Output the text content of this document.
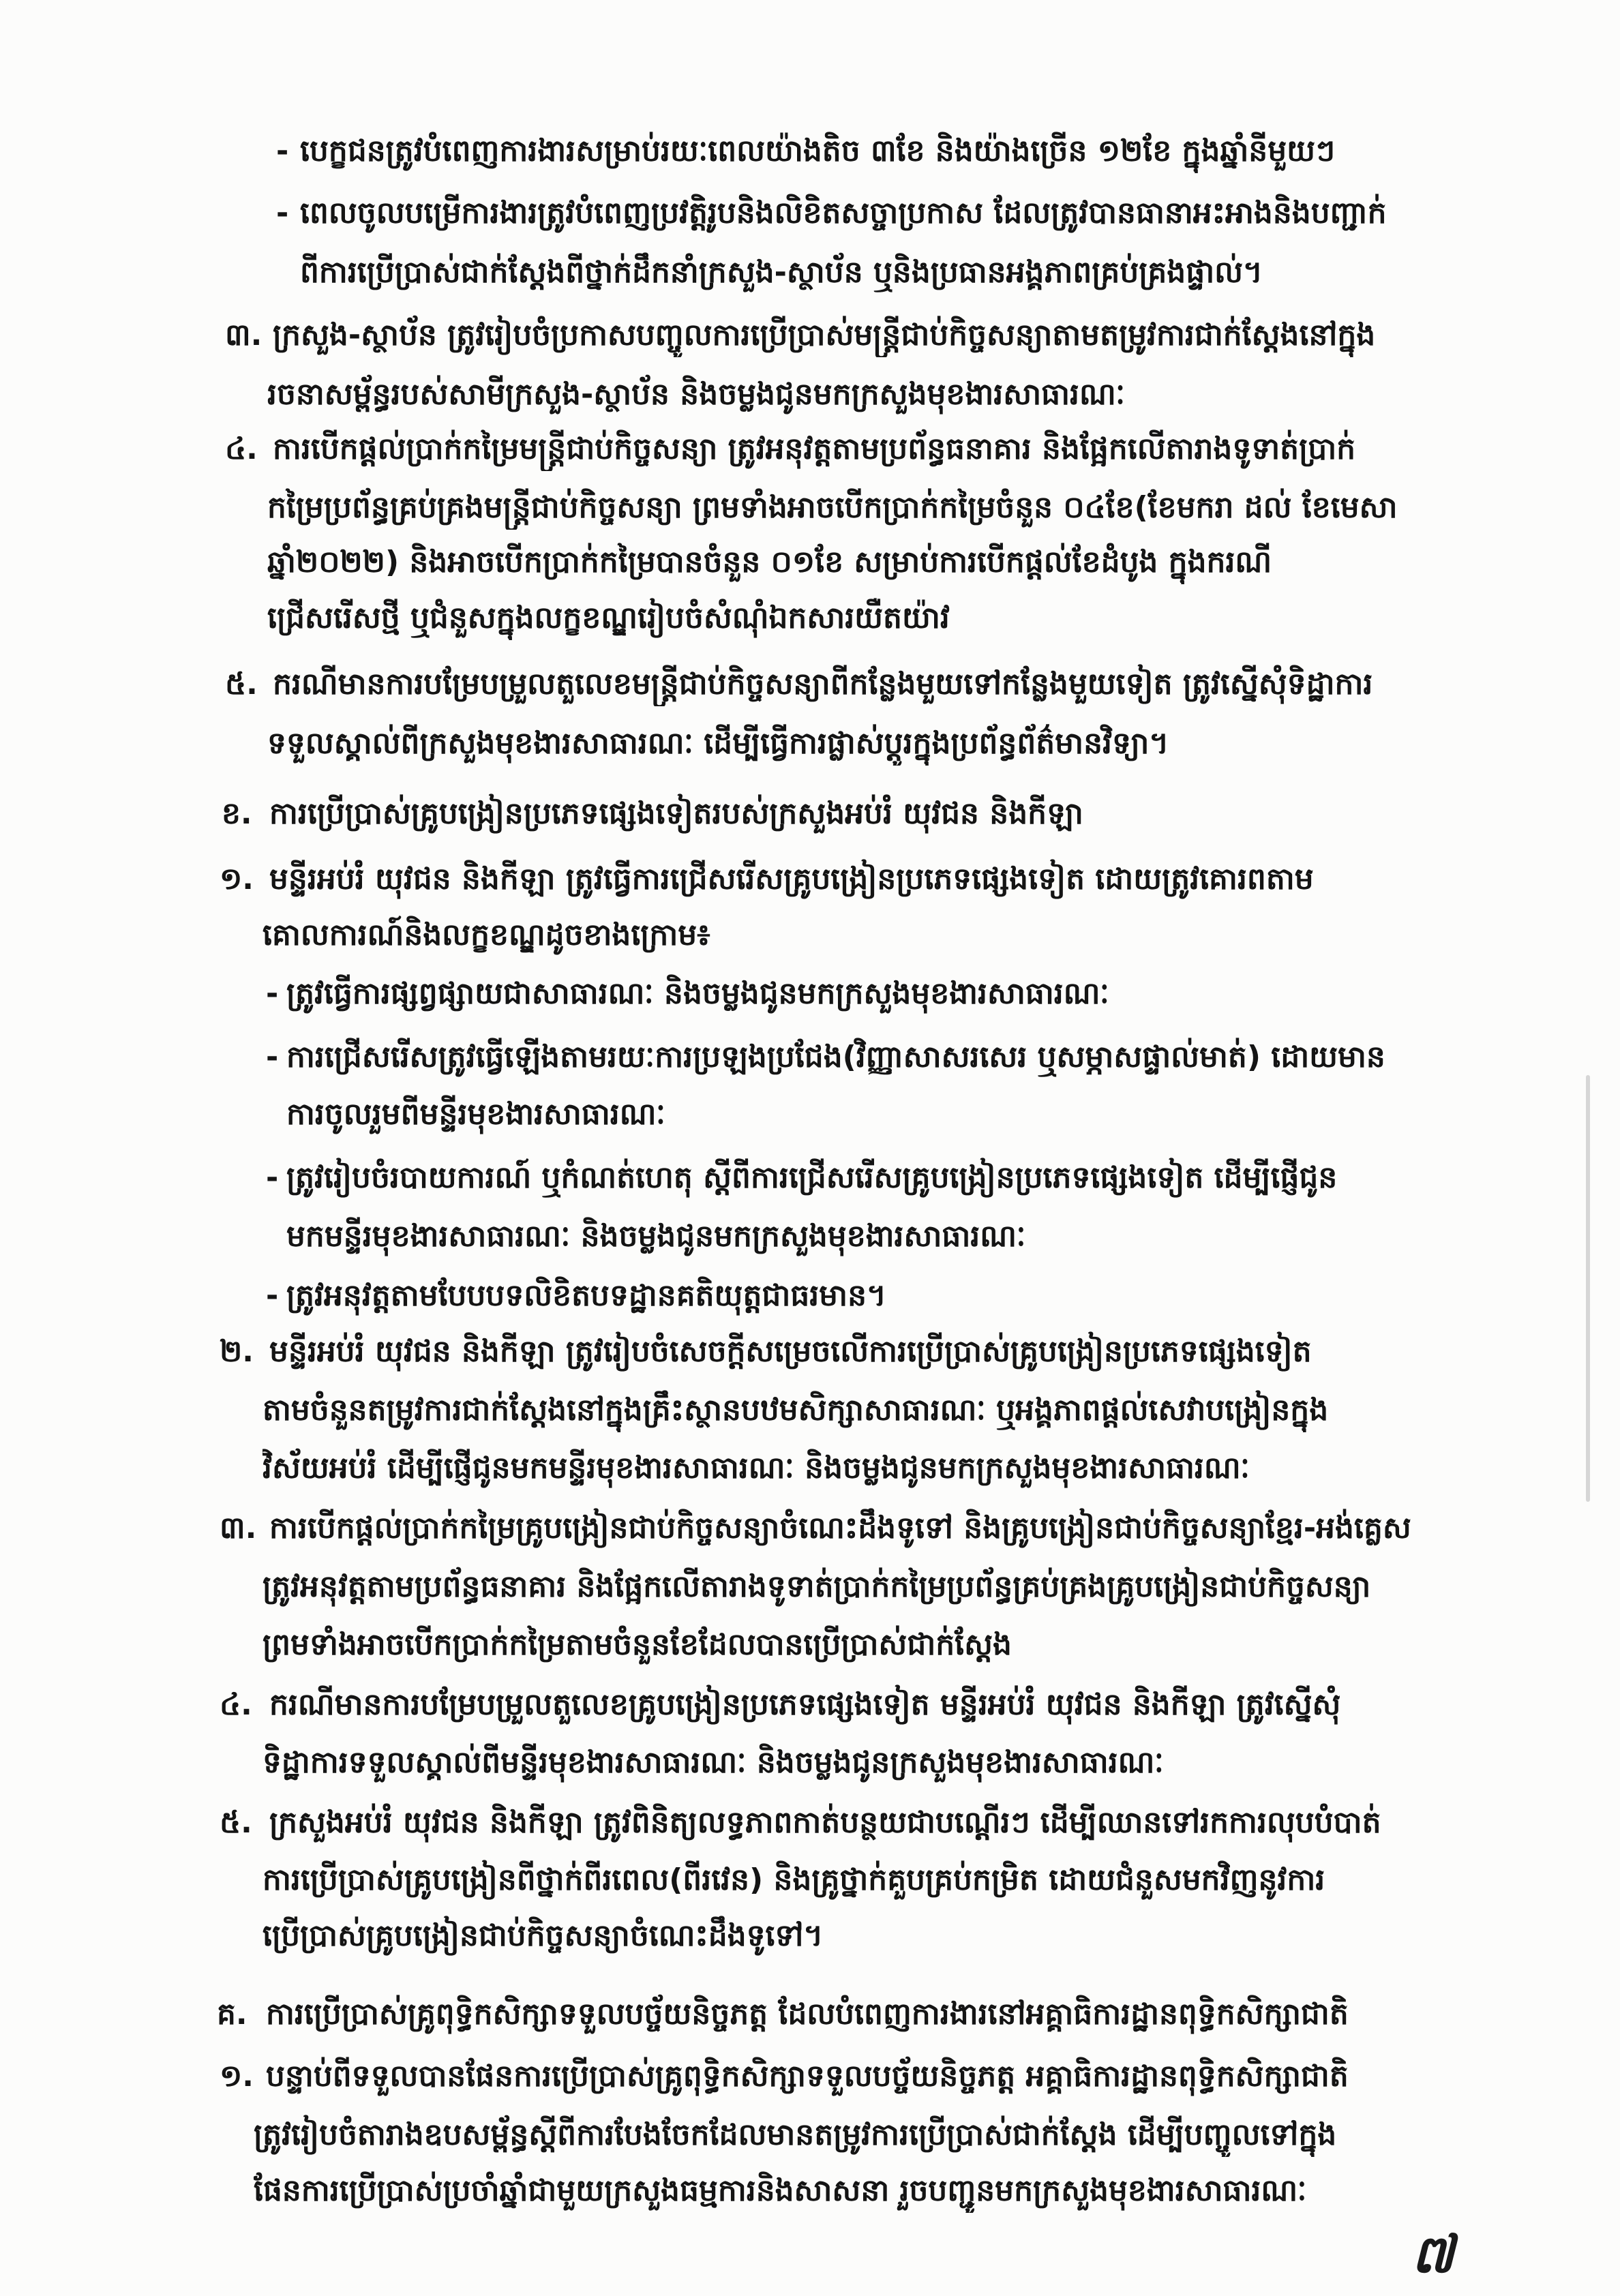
- បេក្ខជនត្រូវបំពេញការងារសម្រាប់រយៈពេលយ៉ាងតិច ៣ខែ និងយ៉ាងច្រើន ១២ខែ ក្នុងឆ្នាំនីមួយៗ
- ពេលចូលបម្រើការងារត្រូវបំពេញប្រវត្តិរូបនិងលិខិតសច្ចាប្រកាស ដែលត្រូវបានធានាអះអាងនិងបញ្ជាក់
ពីការប្រើប្រាស់ជាក់ស្តែងពីថ្នាក់ដឹកនាំក្រសួង-ស្ថាប័ន ឬនិងប្រធានអង្គភាពគ្រប់គ្រងផ្ទាល់។
៣. ក្រសួង-ស្ថាប័ន ត្រូវរៀបចំប្រកាសបញ្ចូលការប្រើប្រាស់មន្ត្រីជាប់កិច្ចសន្យាតាមតម្រូវការជាក់ស្តែងនៅក្នុង
រចនាសម្ព័ន្ធរបស់សាមីក្រសួង-ស្ថាប័ន និងចម្លងជូនមកក្រសួងមុខងារសាធារណៈ
៤. ការបើកផ្តល់ប្រាក់កម្រៃមន្ត្រីជាប់កិច្ចសន្យា ត្រូវអនុវត្តតាមប្រព័ន្ធធនាគារ និងផ្អែកលើតារាងទូទាត់ប្រាក់
កម្រៃប្រព័ន្ធគ្រប់គ្រងមន្ត្រីជាប់កិច្ចសន្យា ព្រមទាំងអាចបើកប្រាក់កម្រៃចំនួន ០៤ខែ(ខែមករា ដល់ ខែមេសា
ឆ្នាំ២០២២) និងអាចបើកប្រាក់កម្រៃបានចំនួន ០១ខែ សម្រាប់ការបើកផ្តល់ខែដំបូង ក្នុងករណី
ជ្រើសរើសថ្មី ឬជំនួសក្នុងលក្ខខណ្ឌរៀបចំសំណុំឯកសារយឺតយ៉ាវ
៥. ករណីមានការបម្រែបម្រួលតួលេខមន្ត្រីជាប់កិច្ចសន្យាពីកន្លែងមួយទៅកន្លែងមួយទៀត ត្រូវស្នើសុំទិដ្ឋាការ
ទទួលស្គាល់ពីក្រសួងមុខងារសាធារណៈ ដើម្បីធ្វើការផ្លាស់ប្តូរក្នុងប្រព័ន្ធព័ត៌មានវិទ្យា។
ខ. ការប្រើប្រាស់គ្រូបង្រៀនប្រភេទផ្សេងទៀតរបស់ក្រសួងអប់រំ យុវជន និងកីឡា
១. មន្ទីរអប់រំ យុវជន និងកីឡា ត្រូវធ្វើការជ្រើសរើសគ្រូបង្រៀនប្រភេទផ្សេងទៀត ដោយត្រូវគោរពតាម
គោលការណ៍និងលក្ខខណ្ឌដូចខាងក្រោម៖
- ត្រូវធ្វើការផ្សព្វផ្សាយជាសាធារណៈ និងចម្លងជូនមកក្រសួងមុខងារសាធារណៈ
- ការជ្រើសរើសត្រូវធ្វើឡើងតាមរយៈការប្រឡងប្រជែង(វិញ្ញាសាសរសេរ ឬសម្ភាសផ្ទាល់មាត់) ដោយមាន
ការចូលរួមពីមន្ទីរមុខងារសាធារណៈ
- ត្រូវរៀបចំរបាយការណ៍ ឬកំណត់ហេតុ ស្តីពីការជ្រើសរើសគ្រូបង្រៀនប្រភេទផ្សេងទៀត ដើម្បីផ្ញើជូន
មកមន្ទីរមុខងារសាធារណៈ និងចម្លងជូនមកក្រសួងមុខងារសាធារណៈ
- ត្រូវអនុវត្តតាមបែបបទលិខិតបទដ្ឋានគតិយុត្តជាធរមាន។
២. មន្ទីរអប់រំ យុវជន និងកីឡា ត្រូវរៀបចំសេចក្តីសម្រេចលើការប្រើប្រាស់គ្រូបង្រៀនប្រភេទផ្សេងទៀត
តាមចំនួនតម្រូវការជាក់ស្តែងនៅក្នុងគ្រឹះស្ថានបឋមសិក្សាសាធារណៈ ឬអង្គភាពផ្តល់សេវាបង្រៀនក្នុង
វិស័យអប់រំ ដើម្បីផ្ញើជូនមកមន្ទីរមុខងារសាធារណៈ និងចម្លងជូនមកក្រសួងមុខងារសាធារណៈ
៣. ការបើកផ្តល់ប្រាក់កម្រៃគ្រូបង្រៀនជាប់កិច្ចសន្យាចំណេះដឹងទូទៅ និងគ្រូបង្រៀនជាប់កិច្ចសន្យាខ្មែរ-អង់គ្លេស
ត្រូវអនុវត្តតាមប្រព័ន្ធធនាគារ និងផ្អែកលើតារាងទូទាត់ប្រាក់កម្រៃប្រព័ន្ធគ្រប់គ្រងគ្រូបង្រៀនជាប់កិច្ចសន្យា
ព្រមទាំងអាចបើកប្រាក់កម្រៃតាមចំនួនខែដែលបានប្រើប្រាស់ជាក់ស្តែង
៤. ករណីមានការបម្រែបម្រួលតួលេខគ្រូបង្រៀនប្រភេទផ្សេងទៀត មន្ទីរអប់រំ យុវជន និងកីឡា ត្រូវស្នើសុំ
ទិដ្ឋាការទទួលស្គាល់ពីមន្ទីរមុខងារសាធារណៈ និងចម្លងជូនក្រសួងមុខងារសាធារណៈ
៥. ក្រសួងអប់រំ យុវជន និងកីឡា ត្រូវពិនិត្យលទ្ធភាពកាត់បន្ថយជាបណ្តើរៗ ដើម្បីឈានទៅរកការលុបបំបាត់
ការប្រើប្រាស់គ្រូបង្រៀនពីថ្នាក់ពីរពេល(ពីរវេន) និងគ្រូថ្នាក់គួបគ្រប់កម្រិត ដោយជំនួសមកវិញនូវការ
ប្រើប្រាស់គ្រូបង្រៀនជាប់កិច្ចសន្យាចំណេះដឹងទូទៅ។
គ. ការប្រើប្រាស់គ្រូពុទ្ធិកសិក្សាទទួលបច្ច័យនិច្ចភត្ត ដែលបំពេញការងារនៅអគ្គាធិការដ្ឋានពុទ្ធិកសិក្សាជាតិ
១. បន្ទាប់ពីទទួលបានផែនការប្រើប្រាស់គ្រូពុទ្ធិកសិក្សាទទួលបច្ច័យនិច្ចភត្ត អគ្គាធិការដ្ឋានពុទ្ធិកសិក្សាជាតិ
ត្រូវរៀបចំតារាងឧបសម្ព័ន្ធស្តីពីការបែងចែកដែលមានតម្រូវការប្រើប្រាស់ជាក់ស្តែង ដើម្បីបញ្ចូលទៅក្នុង
ផែនការប្រើប្រាស់ប្រចាំឆ្នាំជាមួយក្រសួងធម្មការនិងសាសនា រួចបញ្ជូនមកក្រសួងមុខងារសាធារណៈ
៧
